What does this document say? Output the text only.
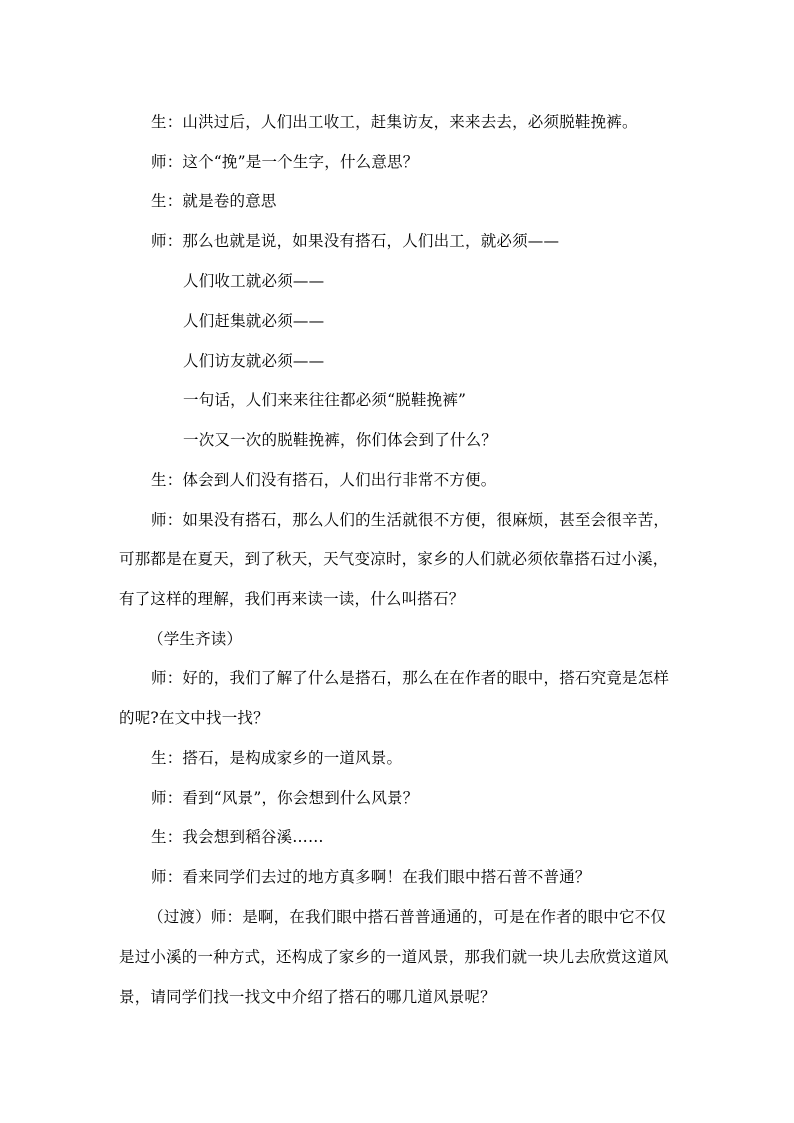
生：山洪过后，人们出工收工，赶集访友，来来去去，必须脱鞋挽裤。
师：这个“挽”是一个生字，什么意思？
生：就是卷的意思
师：那么也就是说，如果没有搭石，人们出工，就必须——
人们收工就必须——
人们赶集就必须——
人们访友就必须——
一句话，人们来来往往都必须“脱鞋挽裤”
一次又一次的脱鞋挽裤，你们体会到了什么？
生：体会到人们没有搭石，人们出行非常不方便。
师：如果没有搭石，那么人们的生活就很不方便，很麻烦，甚至会很辛苦，
可那都是在夏天，到了秋天，天气变凉时，家乡的人们就必须依靠搭石过小溪，
有了这样的理解，我们再来读一读，什么叫搭石？
（学生齐读）
师：好的，我们了解了什么是搭石，那么在在作者的眼中，搭石究竟是怎样
的呢?在文中找一找？
生：搭石，是构成家乡的一道风景。
师：看到“风景”，你会想到什么风景？
生：我会想到稻谷溪……
师：看来同学们去过的地方真多啊！在我们眼中搭石普不普通？
（过渡）师：是啊，在我们眼中搭石普普通通的，可是在作者的眼中它不仅
是过小溪的一种方式，还构成了家乡的一道风景，那我们就一块儿去欣赏这道风
景，请同学们找一找文中介绍了搭石的哪几道风景呢？
